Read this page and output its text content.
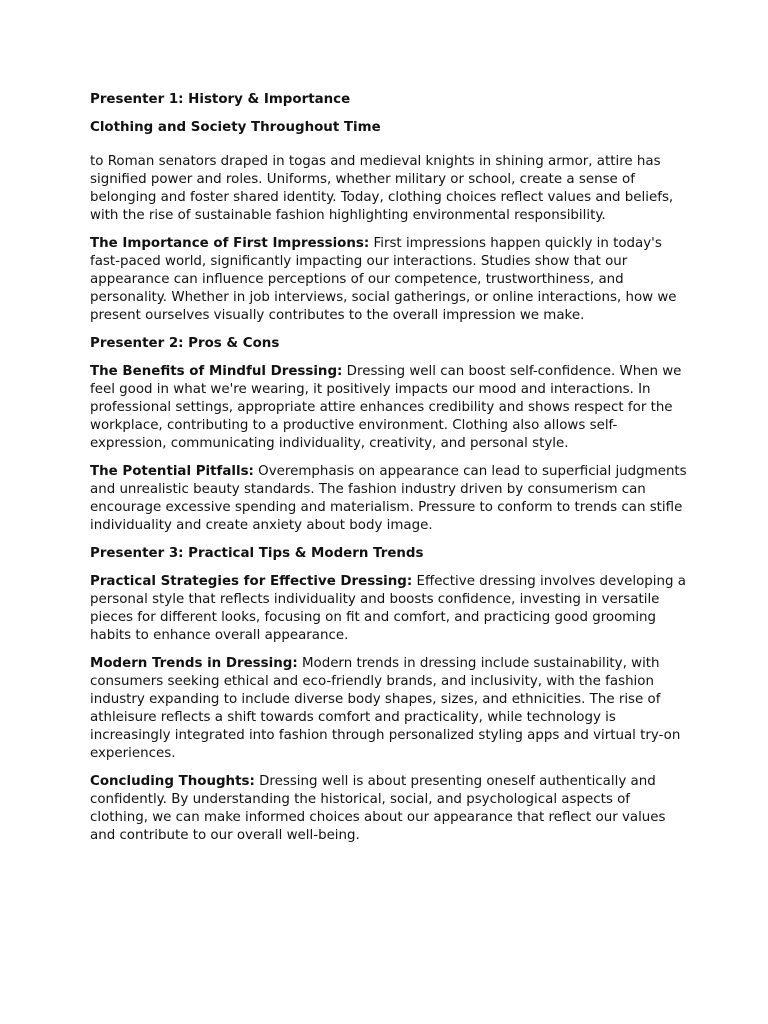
Presenter 1: History & Importance

Clothing and Society Throughout Time

to Roman senators draped in togas and medieval knights in shining armor, attire has signified power and roles. Uniforms, whether military or school, create a sense of belonging and foster shared identity. Today, clothing choices reflect values and beliefs, with the rise of sustainable fashion highlighting environmental responsibility.

The Importance of First Impressions: First impressions happen quickly in today's fast-paced world, significantly impacting our interactions. Studies show that our appearance can influence perceptions of our competence, trustworthiness, and personality. Whether in job interviews, social gatherings, or online interactions, how we present ourselves visually contributes to the overall impression we make.

Presenter 2: Pros & Cons

The Benefits of Mindful Dressing: Dressing well can boost self-confidence. When we feel good in what we're wearing, it positively impacts our mood and interactions. In professional settings, appropriate attire enhances credibility and shows respect for the workplace, contributing to a productive environment. Clothing also allows self-expression, communicating individuality, creativity, and personal style.

The Potential Pitfalls: Overemphasis on appearance can lead to superficial judgments and unrealistic beauty standards. The fashion industry driven by consumerism can encourage excessive spending and materialism. Pressure to conform to trends can stifle individuality and create anxiety about body image.

Presenter 3: Practical Tips & Modern Trends

Practical Strategies for Effective Dressing: Effective dressing involves developing a personal style that reflects individuality and boosts confidence, investing in versatile pieces for different looks, focusing on fit and comfort, and practicing good grooming habits to enhance overall appearance.

Modern Trends in Dressing: Modern trends in dressing include sustainability, with consumers seeking ethical and eco-friendly brands, and inclusivity, with the fashion industry expanding to include diverse body shapes, sizes, and ethnicities. The rise of athleisure reflects a shift towards comfort and practicality, while technology is increasingly integrated into fashion through personalized styling apps and virtual try-on experiences.

Concluding Thoughts: Dressing well is about presenting oneself authentically and confidently. By understanding the historical, social, and psychological aspects of clothing, we can make informed choices about our appearance that reflect our values and contribute to our overall well-being.
